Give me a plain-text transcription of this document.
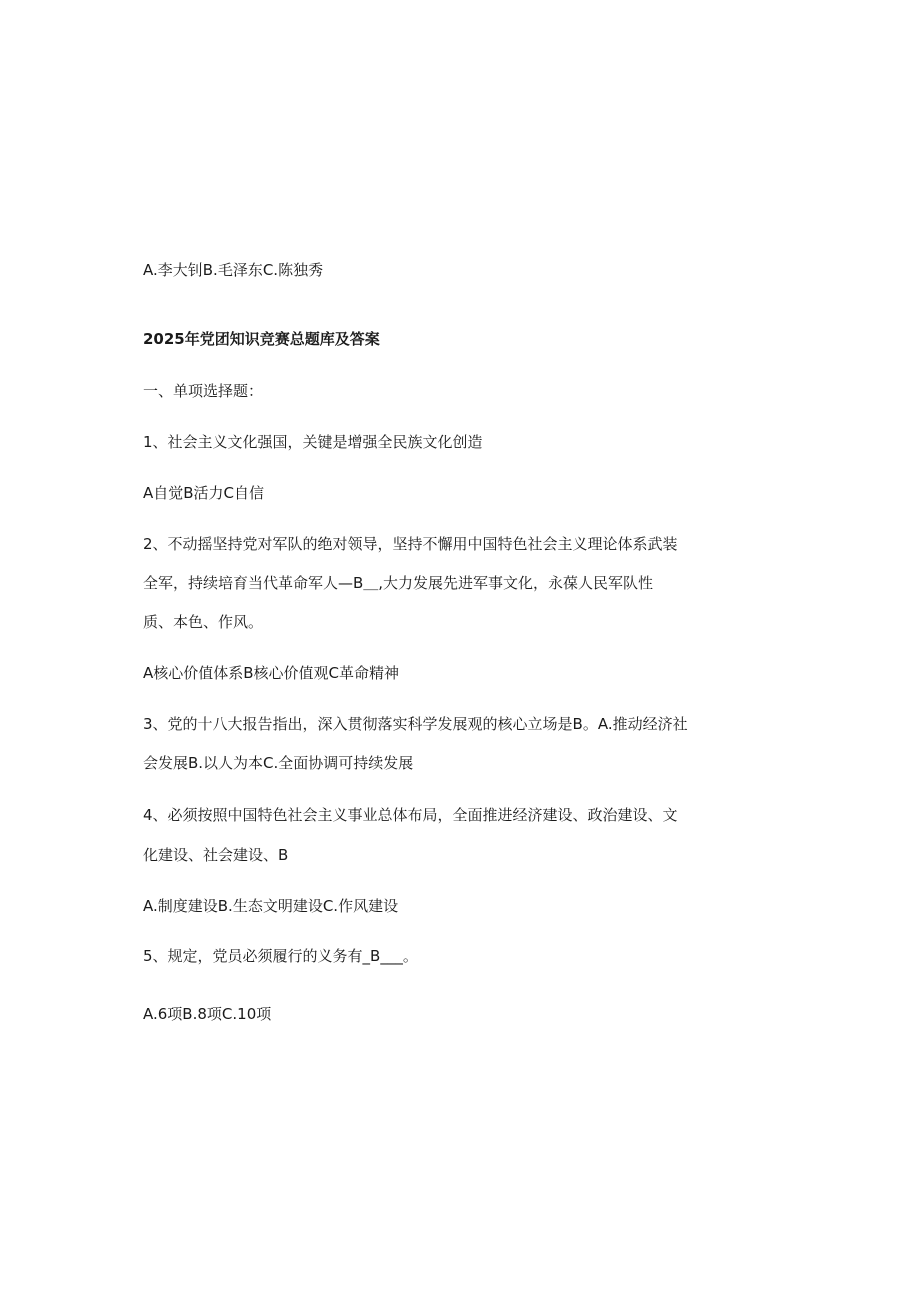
A.李大钊B.毛泽东C.陈独秀
2025年党团知识竞赛总题库及答案
一、单项选择题：
1、社会主义文化强国，关键是增强全民族文化创造
A自觉B活力C自信
2、不动摇坚持党对军队的绝对领导，坚持不懈用中国特色社会主义理论体系武装
全军，持续培育当代革命军人—B＿,大力发展先进军事文化，永葆人民军队性
质、本色、作风。
A核心价值体系B核心价值观C革命精神
3、党的十八大报告指出，深入贯彻落实科学发展观的核心立场是B。A.推动经济社
会发展B.以人为本C.全面协调可持续发展
4、必须按照中国特色社会主义事业总体布局，全面推进经济建设、政治建设、文
化建设、社会建设、B
A.制度建设B.生态文明建设C.作风建设
5、规定，党员必须履行的义务有_B___。
A.6项B.8项C.10项
